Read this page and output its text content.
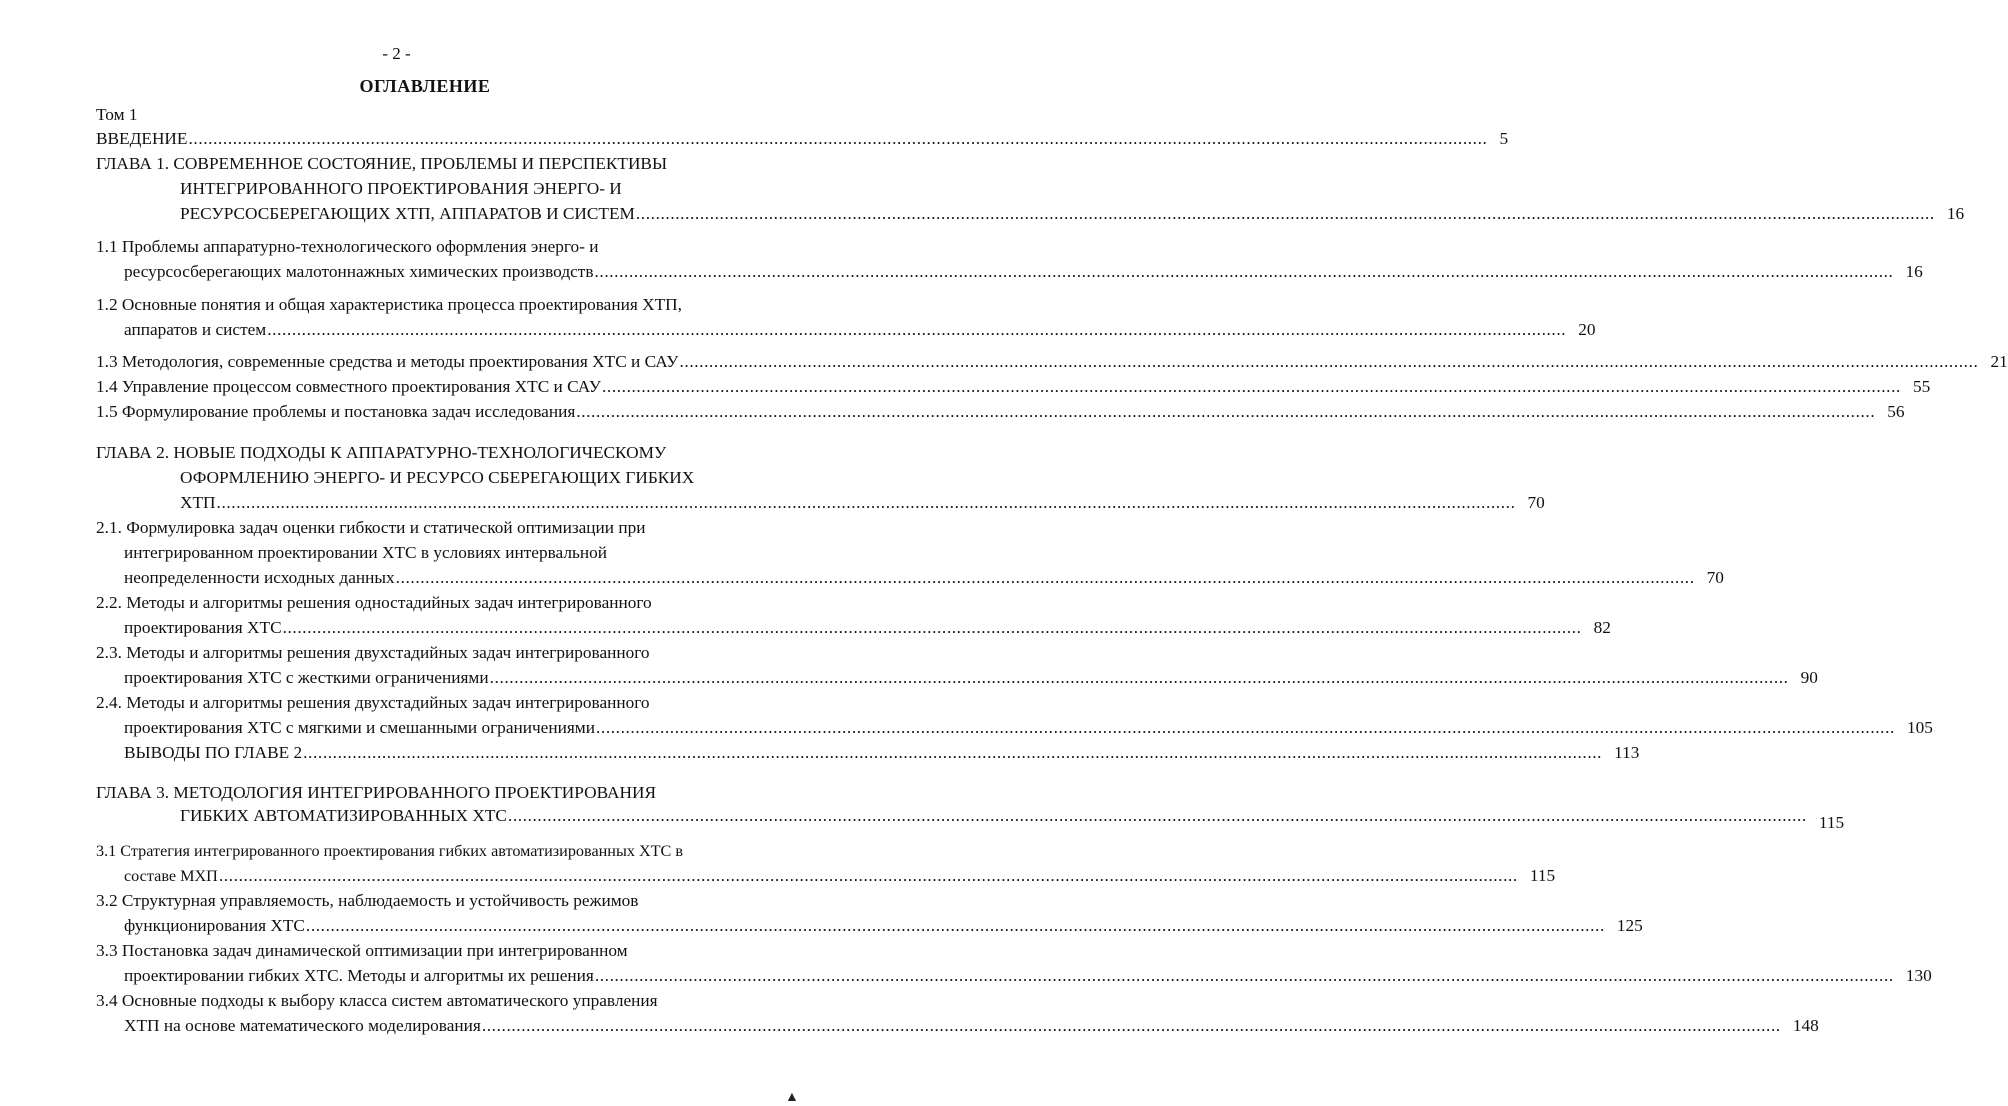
- 2 -
ОГЛАВЛЕНИЕ
Том 1
ВВЕДЕНИЕ .....	5
ГЛАВА 1. СОВРЕМЕННОЕ СОСТОЯНИЕ, ПРОБЛЕМЫ И ПЕРСПЕКТИВЫ
ИНТЕГРИРОВАННОГО ПРОЕКТИРОВАНИЯ ЭНЕРГО- И
РЕСУРСОСБЕРЕГАЮЩИХ ХТП, АППАРАТОВ И СИСТЕМ .....	16
1.1 Проблемы аппаратурно-технологического оформления энерго- и
ресурсосберегающих малотоннажных химических производств .....	16
1.2 Основные понятия и общая характеристика процесса проектирования ХТП,
аппаратов и систем .....	20
1.3 Методология, современные средства и методы проектирования ХТС и САУ .....	21
1.4 Управление процессом совместного проектирования ХТС и САУ .....	55
1.5 Формулирование проблемы и постановка задач исследования .....	56
ГЛАВА 2. НОВЫЕ ПОДХОДЫ К АППАРАТУРНО-ТЕХНОЛОГИЧЕСКОМУ
ОФОРМЛЕНИЮ ЭНЕРГО- И РЕСУРСО СБЕРЕГАЮЩИХ ГИБКИХ
ХТП .....	70
2.1. Формулировка задач оценки гибкости и статической оптимизации при
интегрированном проектировании ХТС в условиях интервальной
неопределенности исходных данных .....	70
2.2. Методы и алгоритмы решения одностадийных задач интегрированного
проектирования ХТС .....	82
2.3. Методы и алгоритмы решения двухстадийных задач интегрированного
проектирования ХТС с жесткими ограничениями .....	90
2.4. Методы и алгоритмы решения двухстадийных задач интегрированного
проектирования ХТС с мягкими и смешанными ограничениями .....	105
ВЫВОДЫ ПО ГЛАВЕ 2 .....	113
ГЛАВА 3. МЕТОДОЛОГИЯ ИНТЕГРИРОВАННОГО ПРОЕКТИРОВАНИЯ
ГИБКИХ АВТОМАТИЗИРОВАННЫХ ХТС .....	115
3.1 Стратегия интегрированного проектирования гибких автоматизированных ХТС в
составе МХП .....	115
3.2 Структурная управляемость, наблюдаемость и устойчивость режимов
функционирования ХТС .....	125
3.3 Постановка задач динамической оптимизации при интегрированном
проектировании гибких ХТС. Методы и алгоритмы их решения .....	130
3.4 Основные подходы к выбору класса систем автоматического управления
ХТП на основе математического моделирования .....	148
▲
